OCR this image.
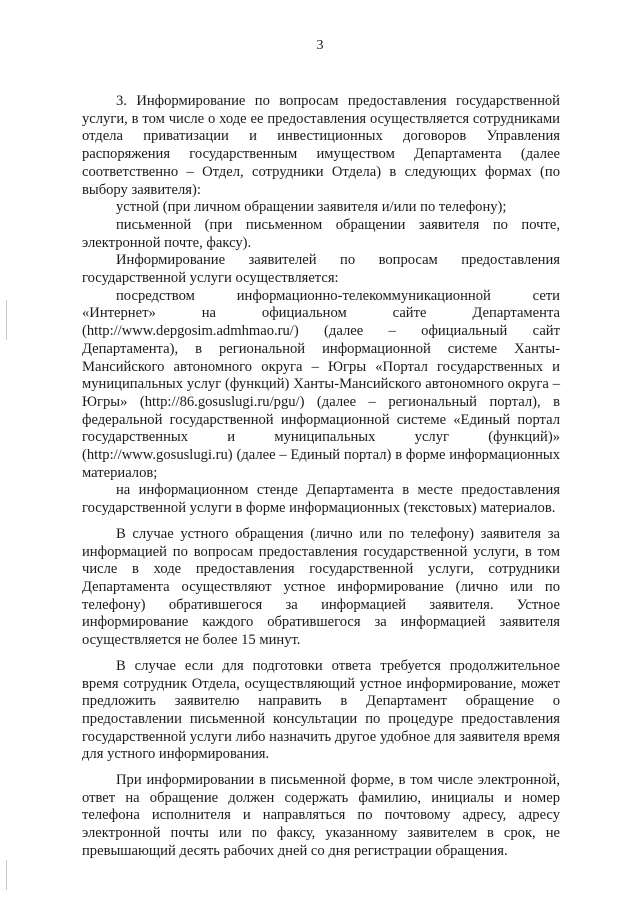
3

3. Информирование по вопросам предоставления государственной услуги, в том числе о ходе ее предоставления осуществляется сотрудниками отдела приватизации и инвестиционных договоров Управления распоряжения государственным имуществом Департамента (далее соответственно – Отдел, сотрудники Отдела) в следующих формах (по выбору заявителя):

устной (при личном обращении заявителя и/или по телефону);

письменной (при письменном обращении заявителя по почте, электронной почте, факсу).

Информирование заявителей по вопросам предоставления государственной услуги осуществляется:

посредством информационно-телекоммуникационной сети «Интернет» на официальном сайте Департамента (http://www.depgosim.admhmao.ru/) (далее – официальный сайт Департамента), в региональной информационной системе Ханты-Мансийского автономного округа – Югры «Портал государственных и муниципальных услуг (функций) Ханты-Мансийского автономного округа – Югры» (http://86.gosuslugi.ru/pgu/) (далее – региональный портал), в федеральной государственной информационной системе «Единый портал государственных и муниципальных услуг (функций)» (http://www.gosuslugi.ru) (далее – Единый портал) в форме информационных материалов;

на информационном стенде Департамента в месте предоставления государственной услуги в форме информационных (текстовых) материалов.

В случае устного обращения (лично или по телефону) заявителя за информацией по вопросам предоставления государственной услуги, в том числе в ходе предоставления государственной услуги, сотрудники Департамента осуществляют устное информирование (лично или по телефону) обратившегося за информацией заявителя. Устное информирование каждого обратившегося за информацией заявителя осуществляется не более 15 минут.

В случае если для подготовки ответа требуется продолжительное время сотрудник Отдела, осуществляющий устное информирование, может предложить заявителю направить в Департамент обращение о предоставлении письменной консультации по процедуре предоставления государственной услуги либо назначить другое удобное для заявителя время для устного информирования.

При информировании в письменной форме, в том числе электронной, ответ на обращение должен содержать фамилию, инициалы и номер телефона исполнителя и направляться по почтовому адресу, адресу электронной почты или по факсу, указанному заявителем в срок, не превышающий десять рабочих дней со дня регистрации обращения.
